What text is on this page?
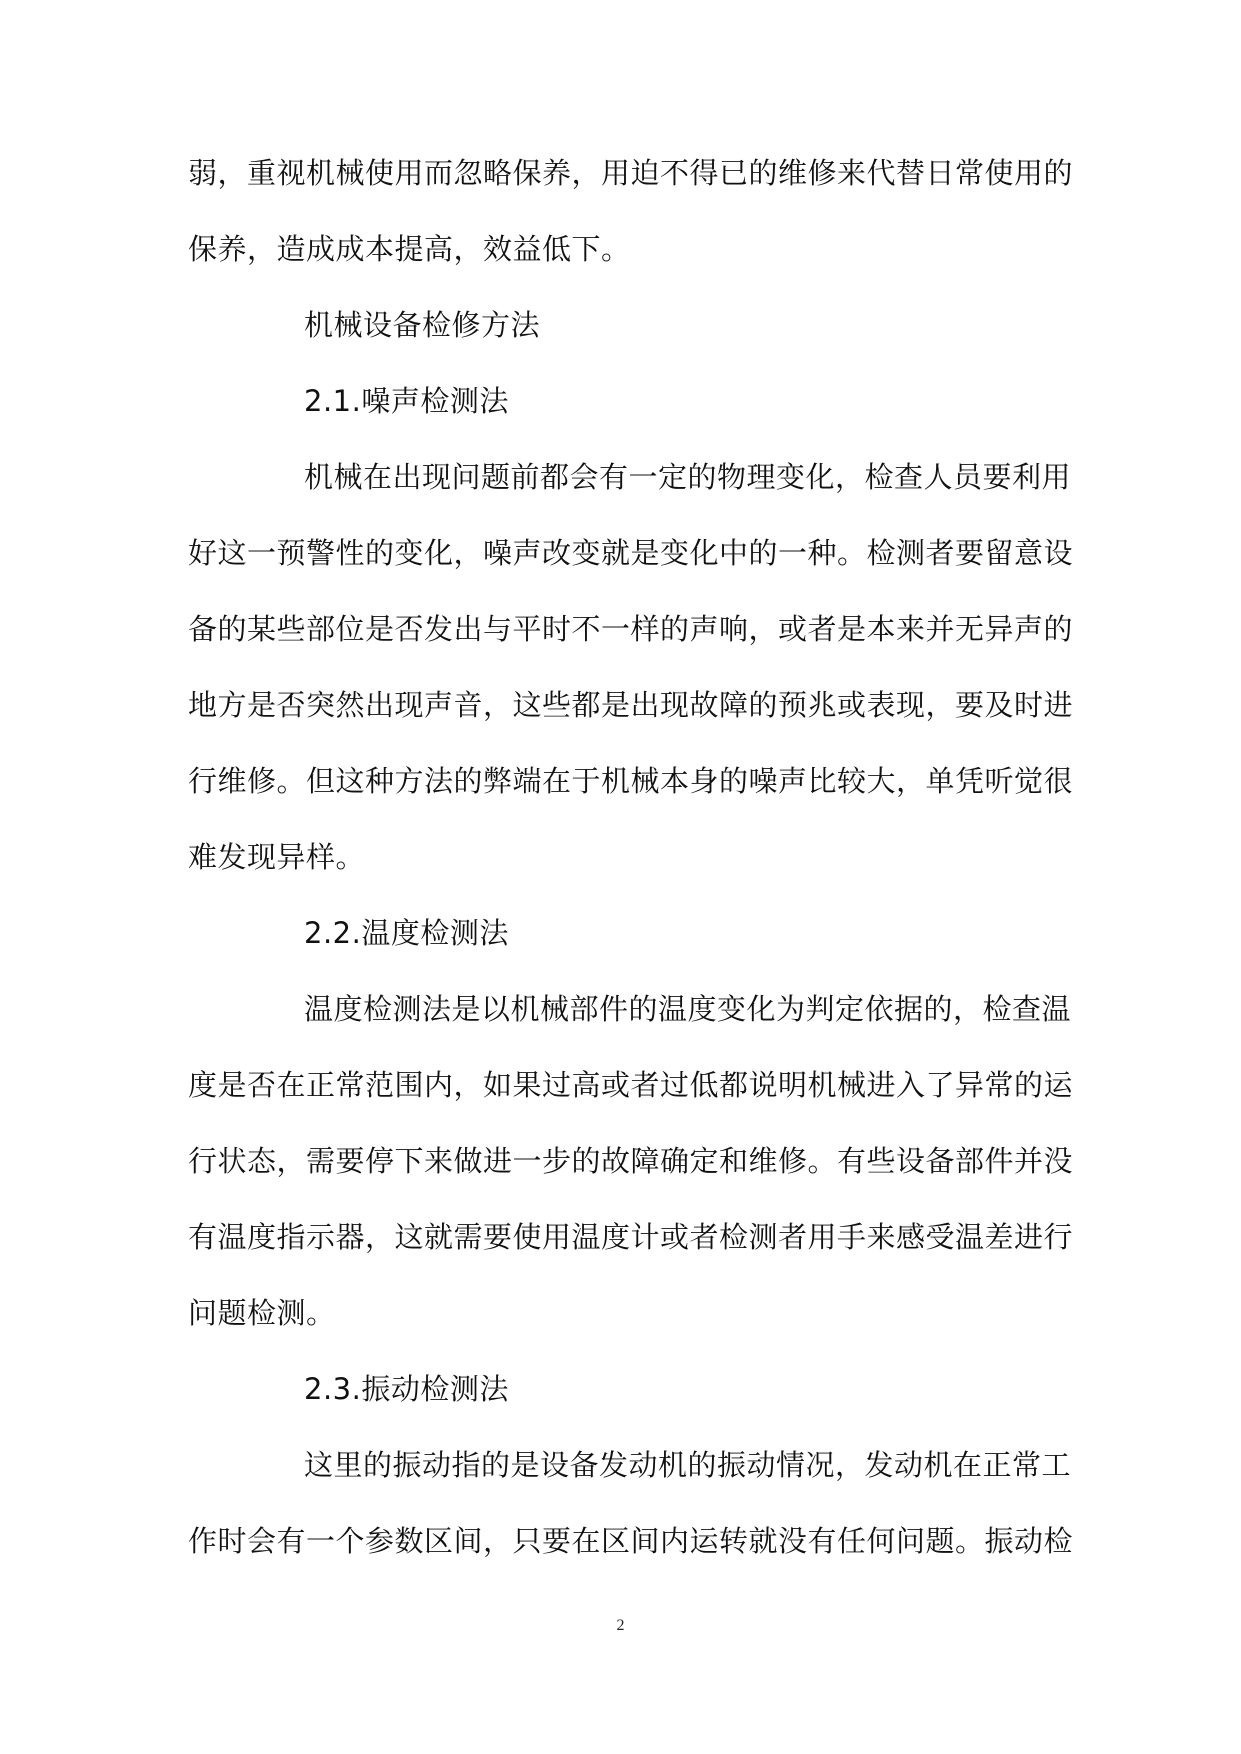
弱，重视机械使用而忽略保养，用迫不得已的维修来代替日常使用的
保养，造成成本提高，效益低下。
机械设备检修方法
2.1.噪声检测法
机械在出现问题前都会有一定的物理变化，检查人员要利用
好这一预警性的变化，噪声改变就是变化中的一种。检测者要留意设
备的某些部位是否发出与平时不一样的声响，或者是本来并无异声的
地方是否突然出现声音，这些都是出现故障的预兆或表现，要及时进
行维修。但这种方法的弊端在于机械本身的噪声比较大，单凭听觉很
难发现异样。
2.2.温度检测法
温度检测法是以机械部件的温度变化为判定依据的，检查温
度是否在正常范围内，如果过高或者过低都说明机械进入了异常的运
行状态，需要停下来做进一步的故障确定和维修。有些设备部件并没
有温度指示器，这就需要使用温度计或者检测者用手来感受温差进行
问题检测。
2.3.振动检测法
这里的振动指的是设备发动机的振动情况，发动机在正常工
作时会有一个参数区间，只要在区间内运转就没有任何问题。振动检
2
